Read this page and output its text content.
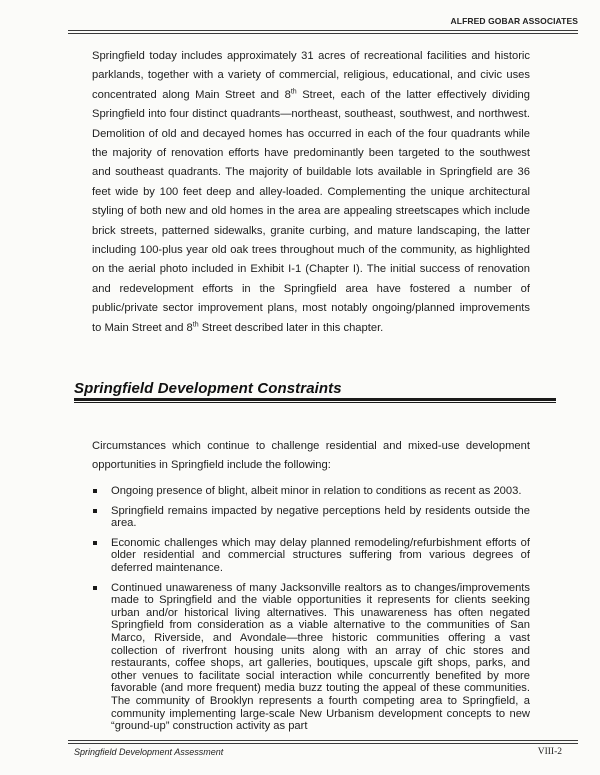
ALFRED GOBAR ASSOCIATES

Springfield today includes approximately 31 acres of recreational facilities and historic parklands, together with a variety of commercial, religious, educational, and civic uses concentrated along Main Street and 8th Street, each of the latter effectively dividing Springfield into four distinct quadrants—northeast, southeast, southwest, and northwest. Demolition of old and decayed homes has occurred in each of the four quadrants while the majority of renovation efforts have predominantly been targeted to the southwest and southeast quadrants. The majority of buildable lots available in Springfield are 36 feet wide by 100 feet deep and alley-loaded. Complementing the unique architectural styling of both new and old homes in the area are appealing streetscapes which include brick streets, patterned sidewalks, granite curbing, and mature landscaping, the latter including 100-plus year old oak trees throughout much of the community, as highlighted on the aerial photo included in Exhibit I-1 (Chapter I). The initial success of renovation and redevelopment efforts in the Springfield area have fostered a number of public/private sector improvement plans, most notably ongoing/planned improvements to Main Street and 8th Street described later in this chapter.

Springfield Development Constraints

Circumstances which continue to challenge residential and mixed-use development opportunities in Springfield include the following:

Ongoing presence of blight, albeit minor in relation to conditions as recent as 2003.
Springfield remains impacted by negative perceptions held by residents outside the area.
Economic challenges which may delay planned remodeling/refurbishment efforts of older residential and commercial structures suffering from various degrees of deferred maintenance.
Continued unawareness of many Jacksonville realtors as to changes/improvements made to Springfield and the viable opportunities it represents for clients seeking urban and/or historical living alternatives. This unawareness has often negated Springfield from consideration as a viable alternative to the communities of San Marco, Riverside, and Avondale—three historic communities offering a vast collection of riverfront housing units along with an array of chic stores and restaurants, coffee shops, art galleries, boutiques, upscale gift shops, parks, and other venues to facilitate social interaction while concurrently benefited by more favorable (and more frequent) media buzz touting the appeal of these communities. The community of Brooklyn represents a fourth competing area to Springfield, a community implementing large-scale New Urbanism development concepts to new “ground-up” construction activity as part
Springfield Development Assessment	VIII-2
